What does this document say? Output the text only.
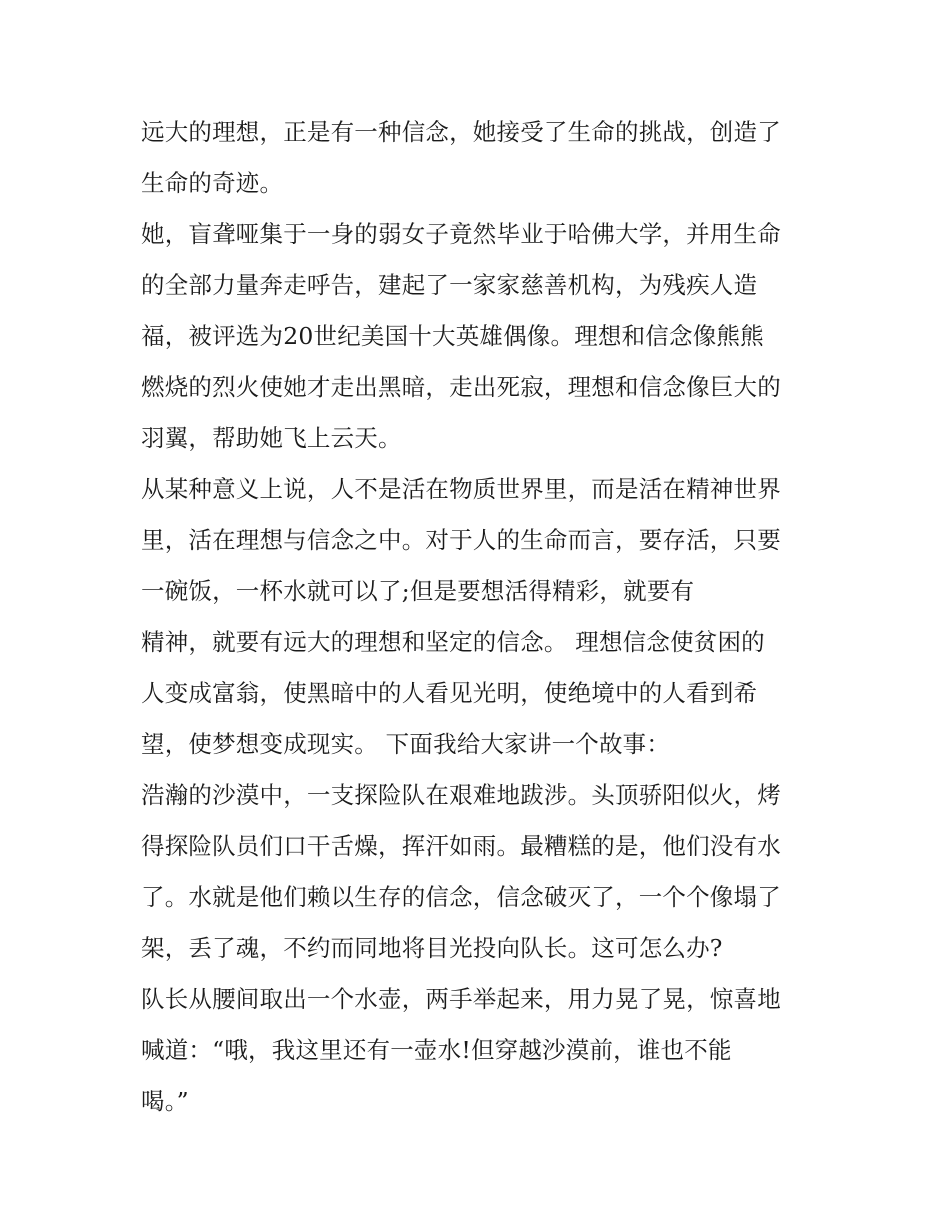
远大的理想，正是有一种信念，她接受了生命的挑战，创造了
生命的奇迹。
她，盲聋哑集于一身的弱女子竟然毕业于哈佛大学，并用生命
的全部力量奔走呼告，建起了一家家慈善机构，为残疾人造
福，被评选为20世纪美国十大英雄偶像。理想和信念像熊熊
燃烧的烈火使她才走出黑暗，走出死寂，理想和信念像巨大的
羽翼，帮助她飞上云天。
从某种意义上说，人不是活在物质世界里，而是活在精神世界
里，活在理想与信念之中。对于人的生命而言，要存活，只要
一碗饭，一杯水就可以了;但是要想活得精彩，就要有
精神，就要有远大的理想和坚定的信念。 理想信念使贫困的
人变成富翁，使黑暗中的人看见光明，使绝境中的人看到希
望，使梦想变成现实。 下面我给大家讲一个故事：
浩瀚的沙漠中，一支探险队在艰难地跋涉。头顶骄阳似火，烤
得探险队员们口干舌燥，挥汗如雨。最糟糕的是，他们没有水
了。水就是他们赖以生存的信念，信念破灭了，一个个像塌了
架，丢了魂，不约而同地将目光投向队长。这可怎么办?
队长从腰间取出一个水壶，两手举起来，用力晃了晃，惊喜地
喊道：“哦，我这里还有一壶水!但穿越沙漠前，谁也不能
喝。”
